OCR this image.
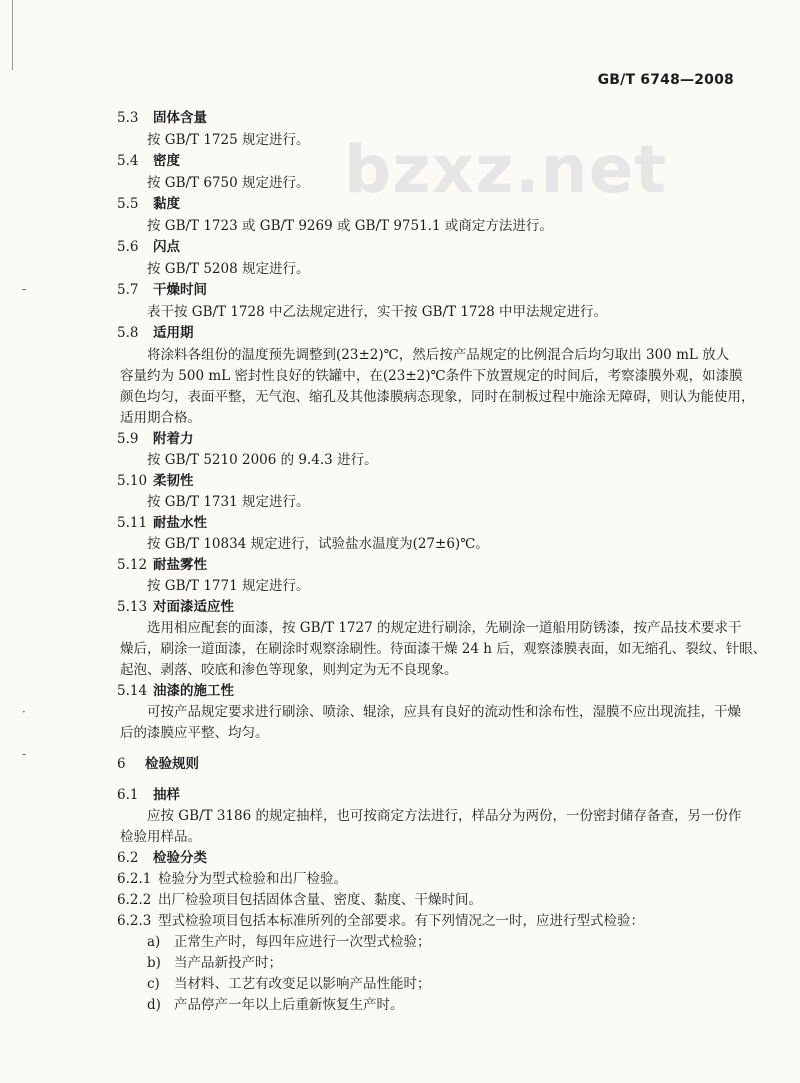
-
·
-
GB/T 6748—2008
bzxz.net
5.3 固体含量
按 GB/T 1725 规定进行。
5.4 密度
按 GB/T 6750 规定进行。
5.5 黏度
按 GB/T 1723 或 GB/T 9269 或 GB/T 9751.1 或商定方法进行。
5.6 闪点
按 GB/T 5208 规定进行。
5.7 干燥时间
表干按 GB/T 1728 中乙法规定进行，实干按 GB/T 1728 中甲法规定进行。
5.8 适用期
将涂料各组份的温度预先调整到(23±2)℃，然后按产品规定的比例混合后均匀取出 300 mL 放人
容量约为 500 mL 密封性良好的铁罐中，在(23±2)℃条件下放置规定的时间后，考察漆膜外观，如漆膜
颜色均匀，表面平整，无气泡、缩孔及其他漆膜病态现象，同时在制板过程中施涂无障碍，则认为能使用，
适用期合格。
5.9 附着力
按 GB/T 5210 2006 的 9.4.3 进行。
5.10 柔韧性
按 GB/T 1731 规定进行。
5.11 耐盐水性
按 GB/T 10834 规定进行，试验盐水温度为(27±6)℃。
5.12 耐盐雾性
按 GB/T 1771 规定进行。
5.13 对面漆适应性
选用相应配套的面漆，按 GB/T 1727 的规定进行刷涂，先刷涂一道船用防锈漆，按产品技术要求干
燥后，刷涂一道面漆，在刷涂时观察涂刷性。待面漆干燥 24 h 后，观察漆膜表面，如无缩孔、裂纹、针眼、
起泡、剥落、咬底和渗色等现象，则判定为无不良现象。
5.14 油漆的施工性
可按产品规定要求进行刷涂、喷涂、辊涂，应具有良好的流动性和涂布性，湿膜不应出现流挂，干燥
后的漆膜应平整、均匀。
6 检验规则
6.1 抽样
应按 GB/T 3186 的规定抽样，也可按商定方法进行，样品分为两份，一份密封储存备查，另一份作
检验用样品。
6.2 检验分类
6.2.1 检验分为型式检验和出厂检验。
6.2.2 出厂检验项目包括固体含量、密度、黏度、干燥时间。
6.2.3 型式检验项目包括本标准所列的全部要求。有下列情况之一时，应进行型式检验：
a) 正常生产时，每四年应进行一次型式检验；
b) 当产品新投产时；
c) 当材料、工艺有改变足以影响产品性能时；
d) 产品停产一年以上后重新恢复生产时。
